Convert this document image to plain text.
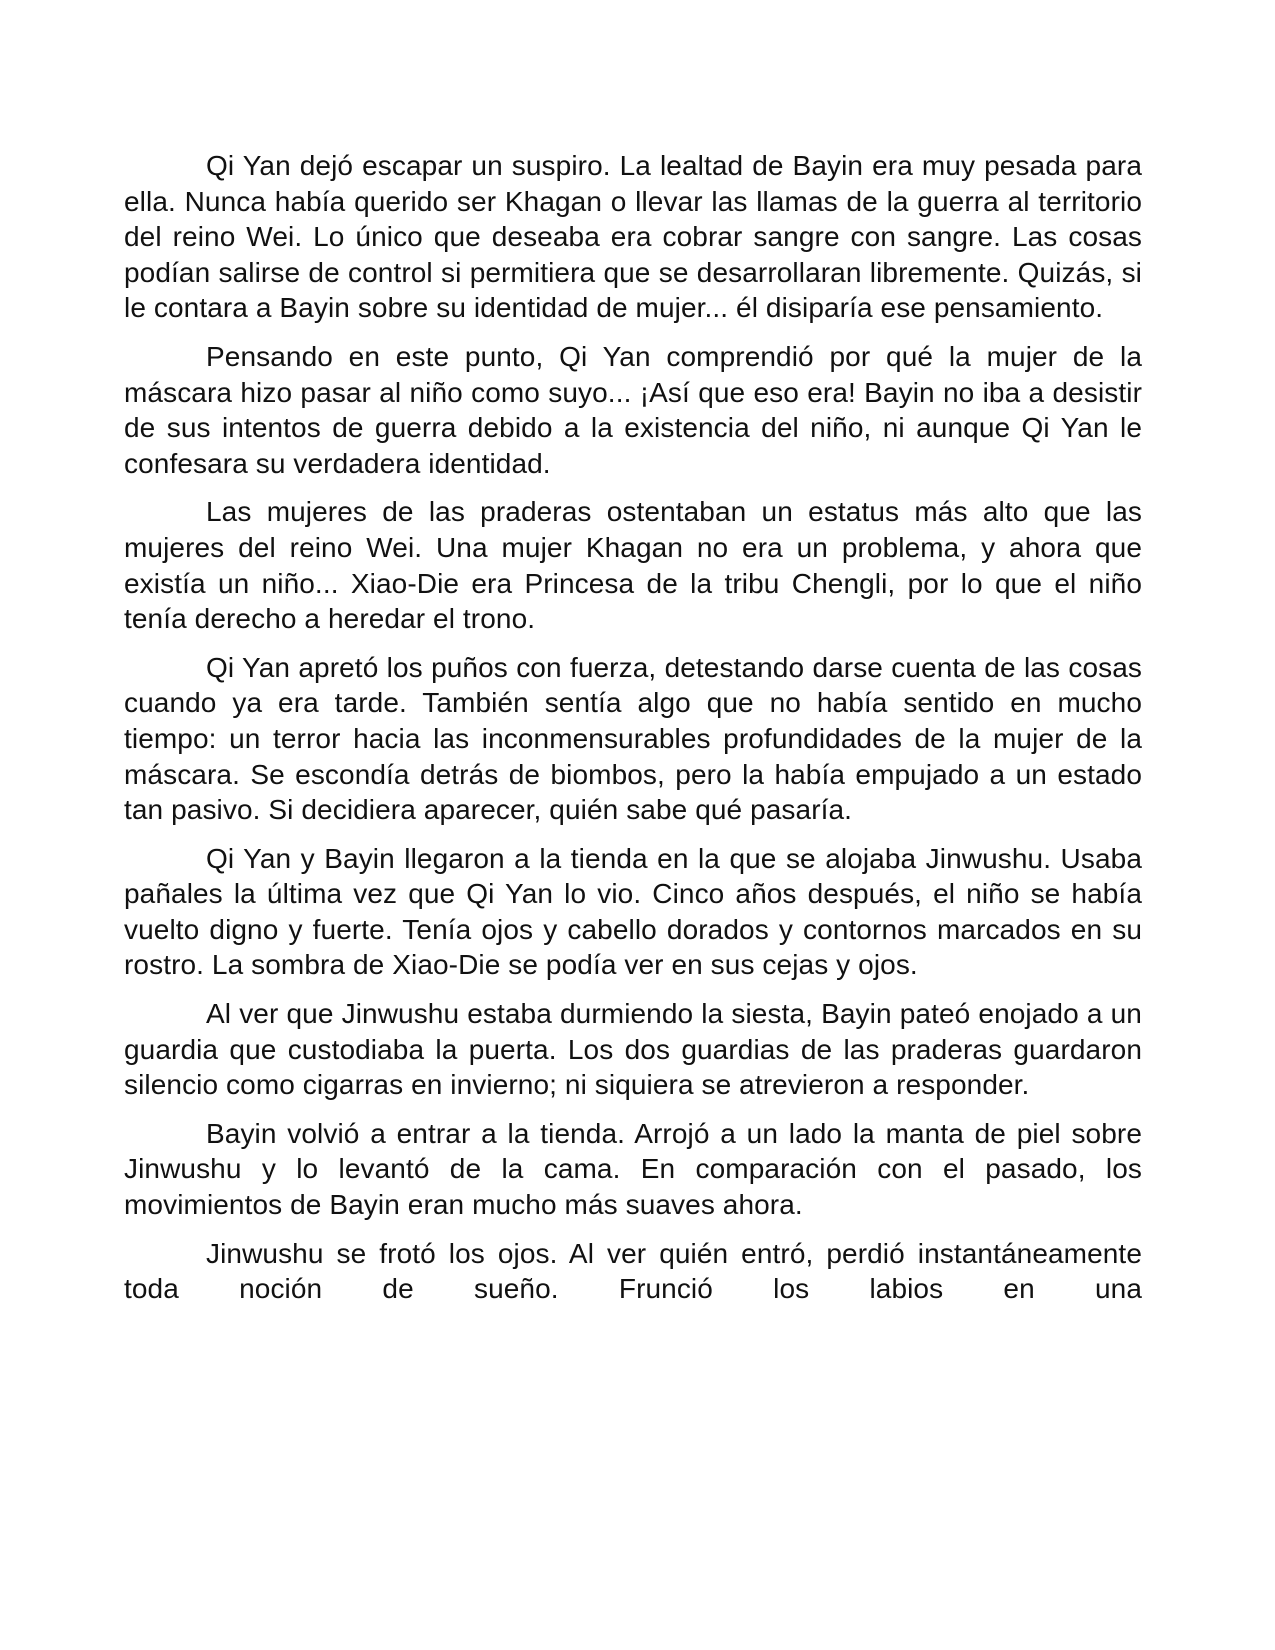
Qi Yan dejó escapar un suspiro. La lealtad de Bayin era muy pesada para ella. Nunca había querido ser Khagan o llevar las llamas de la guerra al territorio del reino Wei. Lo único que deseaba era cobrar sangre con sangre. Las cosas podían salirse de control si permitiera que se desarrollaran libremente. Quizás, si le contara a Bayin sobre su identidad de mujer... él disiparía ese pensamiento.

Pensando en este punto, Qi Yan comprendió por qué la mujer de la máscara hizo pasar al niño como suyo... ¡Así que eso era! Bayin no iba a desistir de sus intentos de guerra debido a la existencia del niño, ni aunque Qi Yan le confesara su verdadera identidad.

Las mujeres de las praderas ostentaban un estatus más alto que las mujeres del reino Wei. Una mujer Khagan no era un problema, y ahora que existía un niño... Xiao-Die era Princesa de la tribu Chengli, por lo que el niño tenía derecho a heredar el trono.

Qi Yan apretó los puños con fuerza, detestando darse cuenta de las cosas cuando ya era tarde. También sentía algo que no había sentido en mucho tiempo: un terror hacia las inconmensurables profundidades de la mujer de la máscara. Se escondía detrás de biombos, pero la había empujado a un estado tan pasivo. Si decidiera aparecer, quién sabe qué pasaría.

Qi Yan y Bayin llegaron a la tienda en la que se alojaba Jinwushu. Usaba pañales la última vez que Qi Yan lo vio. Cinco años después, el niño se había vuelto digno y fuerte. Tenía ojos y cabello dorados y contornos marcados en su rostro. La sombra de Xiao-Die se podía ver en sus cejas y ojos.

Al ver que Jinwushu estaba durmiendo la siesta, Bayin pateó enojado a un guardia que custodiaba la puerta. Los dos guardias de las praderas guardaron silencio como cigarras en invierno; ni siquiera se atrevieron a responder.

Bayin volvió a entrar a la tienda. Arrojó a un lado la manta de piel sobre Jinwushu y lo levantó de la cama. En comparación con el pasado, los movimientos de Bayin eran mucho más suaves ahora.

Jinwushu se frotó los ojos. Al ver quién entró, perdió instantáneamente toda noción de sueño. Frunció los labios en una
